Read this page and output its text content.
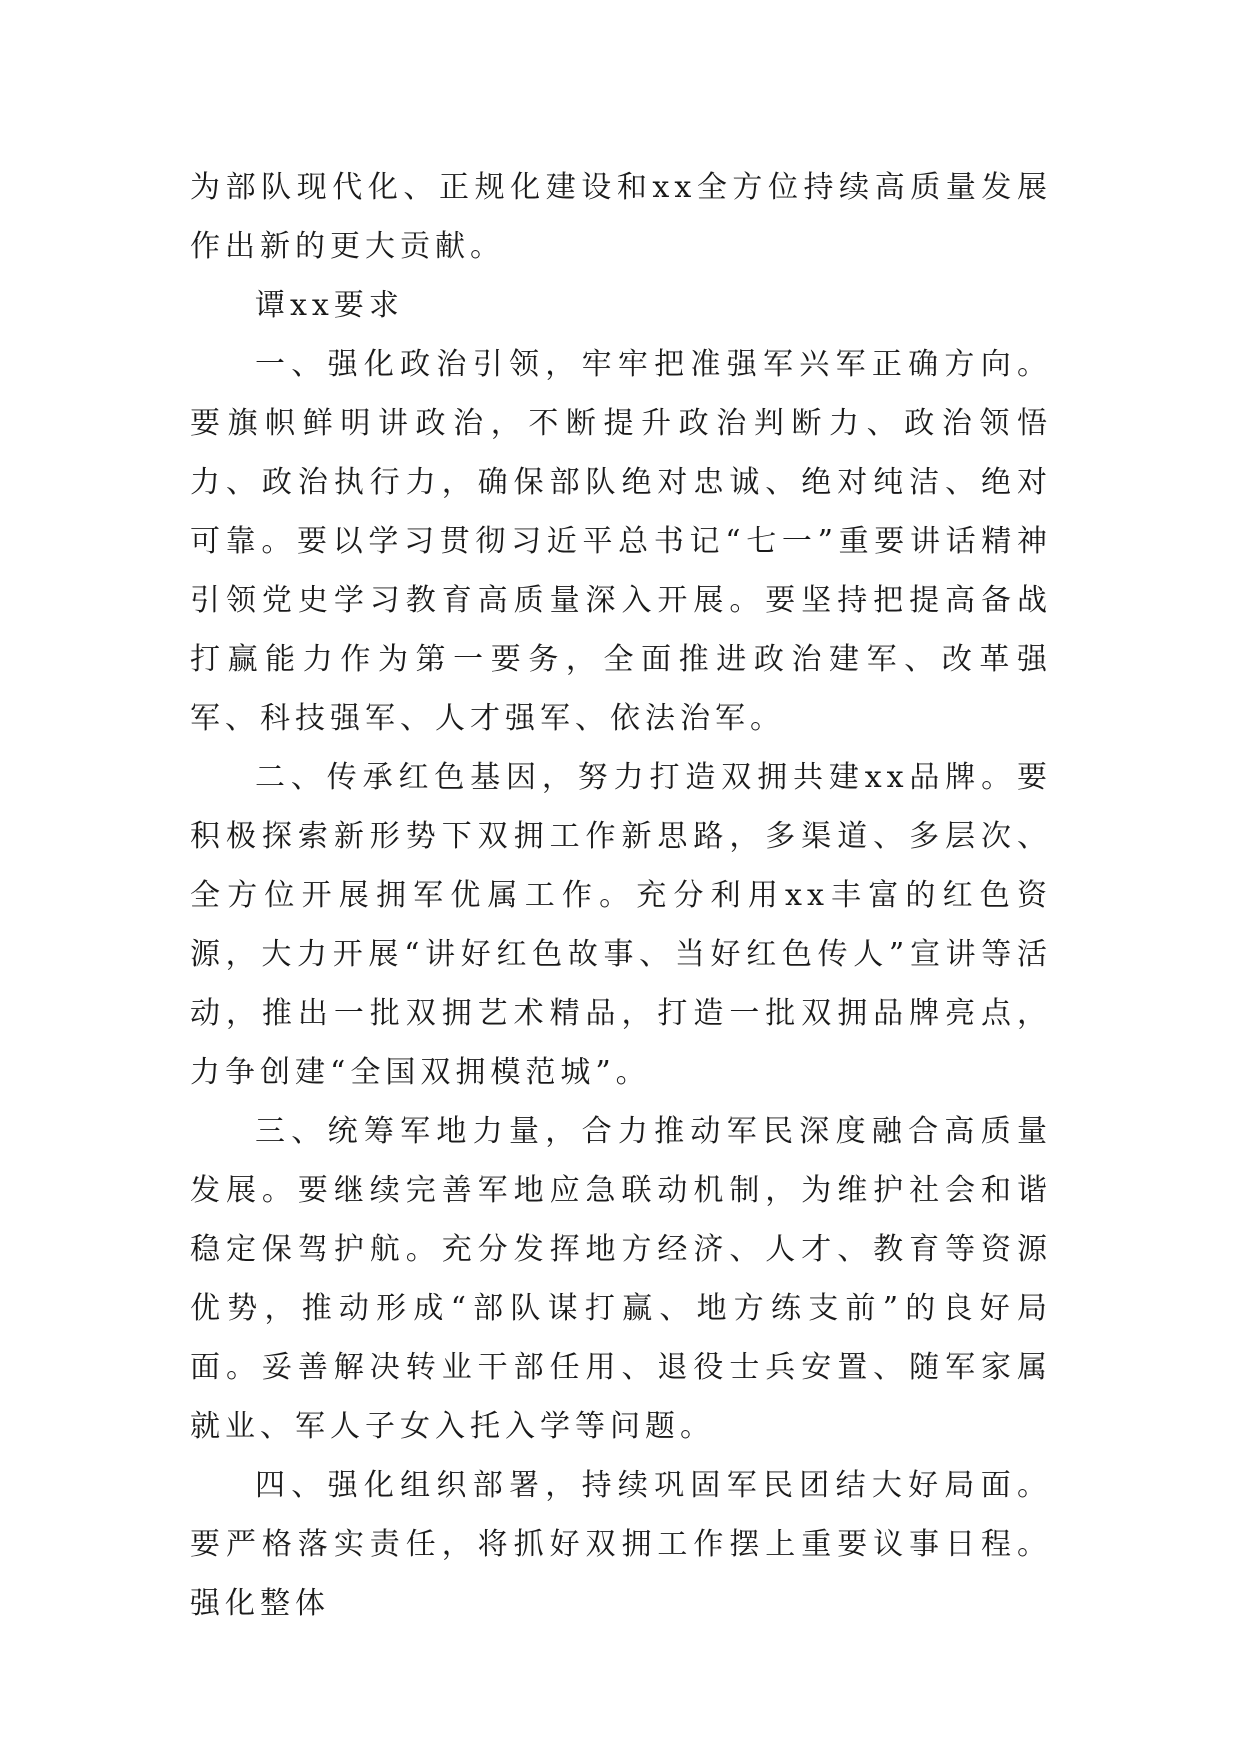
为部队现代化、正规化建设和xx全方位持续高质量发展作出新的更大贡献。

谭xx要求

一、强化政治引领，牢牢把准强军兴军正确方向。要旗帜鲜明讲政治，不断提升政治判断力、政治领悟力、政治执行力，确保部队绝对忠诚、绝对纯洁、绝对可靠。要以学习贯彻习近平总书记“七一”重要讲话精神引领党史学习教育高质量深入开展。要坚持把提高备战打赢能力作为第一要务，全面推进政治建军、改革强军、科技强军、人才强军、依法治军。

二、传承红色基因，努力打造双拥共建xx品牌。要积极探索新形势下双拥工作新思路，多渠道、多层次、全方位开展拥军优属工作。充分利用xx丰富的红色资源，大力开展“讲好红色故事、当好红色传人”宣讲等活动，推出一批双拥艺术精品，打造一批双拥品牌亮点，力争创建“全国双拥模范城”。

三、统筹军地力量，合力推动军民深度融合高质量发展。要继续完善军地应急联动机制，为维护社会和谐稳定保驾护航。充分发挥地方经济、人才、教育等资源优势，推动形成“部队谋打赢、地方练支前”的良好局面。妥善解决转业干部任用、退役士兵安置、随军家属就业、军人子女入托入学等问题。

四、强化组织部署，持续巩固军民团结大好局面。要严格落实责任，将抓好双拥工作摆上重要议事日程。强化整体
